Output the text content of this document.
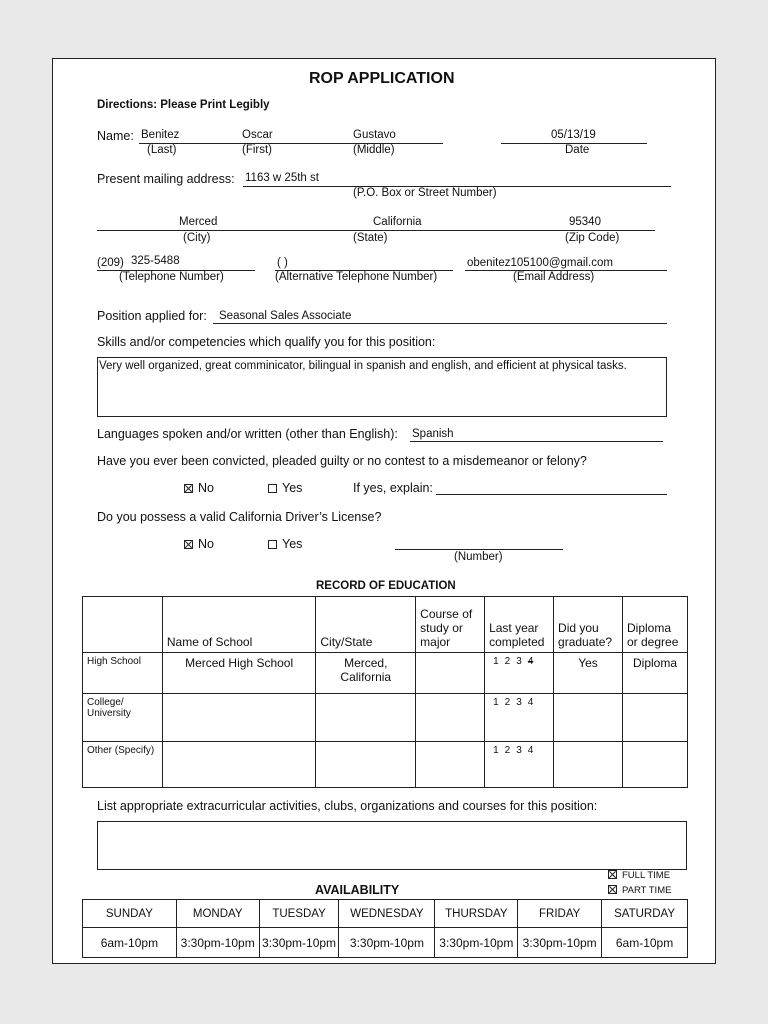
ROP APPLICATION
Directions: Please Print Legibly
Name: Benitez	Oscar	Gustavo	05/13/19
(Last)	(First)	(Middle)	Date
Present mailing address: 1163 w 25th st
(P.O. Box or Street Number)
Merced	California	95340
(City)	(State)	(Zip Code)
(209) 325-5488	( )	obenitez105100@gmail.com
(Telephone Number)	(Alternative Telephone Number)	(Email Address)
Position applied for: Seasonal Sales Associate
Skills and/or competencies which qualify you for this position:
Very well organized, great comminicator, bilingual in spanish and english, and efficient at physical tasks.
Languages spoken and/or written (other than English): Spanish
Have you ever been convicted, pleaded guilty or no contest to a misdemeanor or felony?
No	Yes	If yes, explain:
Do you possess a valid California Driver’s License?
No	Yes
(Number)
RECORD OF EDUCATION
	Name of School	City/State	Course of study or major	Last year completed	Did you graduate?	Diploma or degree
High School	Merced High School	Merced, California		1 2 3 4	Yes	Diploma
College/ University				1 2 3 4		
Other (Specify)				1 2 3 4		
List appropriate extracurricular activities, clubs, organizations and courses for this position:
FULL TIME
PART TIME
AVAILABILITY
SUNDAY	MONDAY	TUESDAY	WEDNESDAY	THURSDAY	FRIDAY	SATURDAY
6am-10pm	3:30pm-10pm	3:30pm-10pm	3:30pm-10pm	3:30pm-10pm	3:30pm-10pm	6am-10pm
